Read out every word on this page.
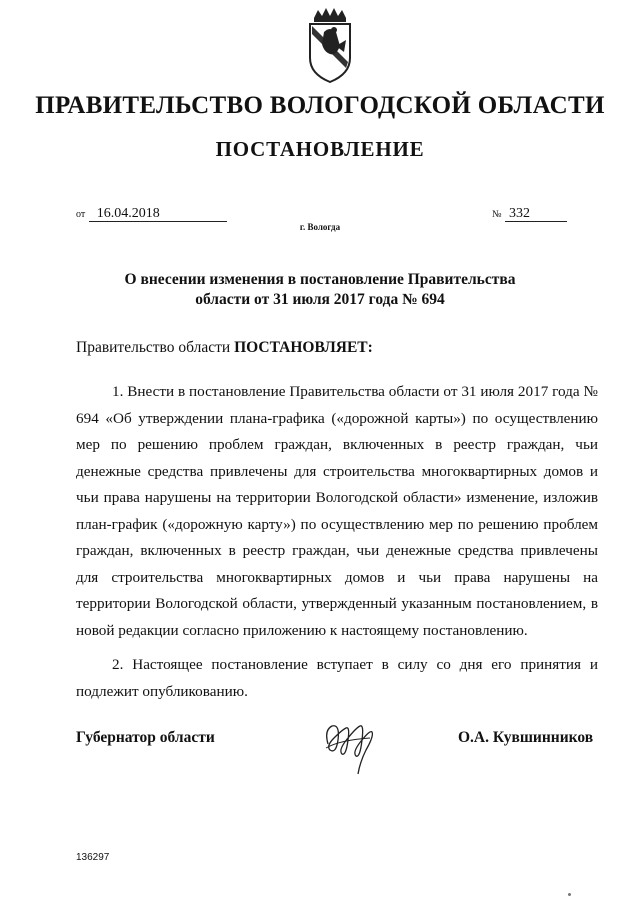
ПРАВИТЕЛЬСТВО ВОЛОГОДСКОЙ ОБЛАСТИ
ПОСТАНОВЛЕНИЕ
от 16.04.2018	№ 332
г. Вологда
О внесении изменения в постановление Правительства
области от 31 июля 2017 года № 694
Правительство области ПОСТАНОВЛЯЕТ:
1. Внести в постановление Правительства области от 31 июля 2017 года № 694 «Об утверждении плана-графика («дорожной карты») по осуществлению мер по решению проблем граждан, включенных в реестр граждан, чьи денежные средства привлечены для строительства многоквартирных домов и чьи права нарушены на территории Вологодской области» изменение, изложив план-график («дорожную карту») по осуществлению мер по решению проблем граждан, включенных в реестр граждан, чьи денежные средства привлечены для строительства многоквартирных домов и чьи права нарушены на территории Вологодской области, утвержденный указанным постановлением, в новой редакции согласно приложению к настоящему постановлению.
2. Настоящее постановление вступает в силу со дня его принятия и подлежит опубликованию.
Губернатор области	О.А. Кувшинников
136297
